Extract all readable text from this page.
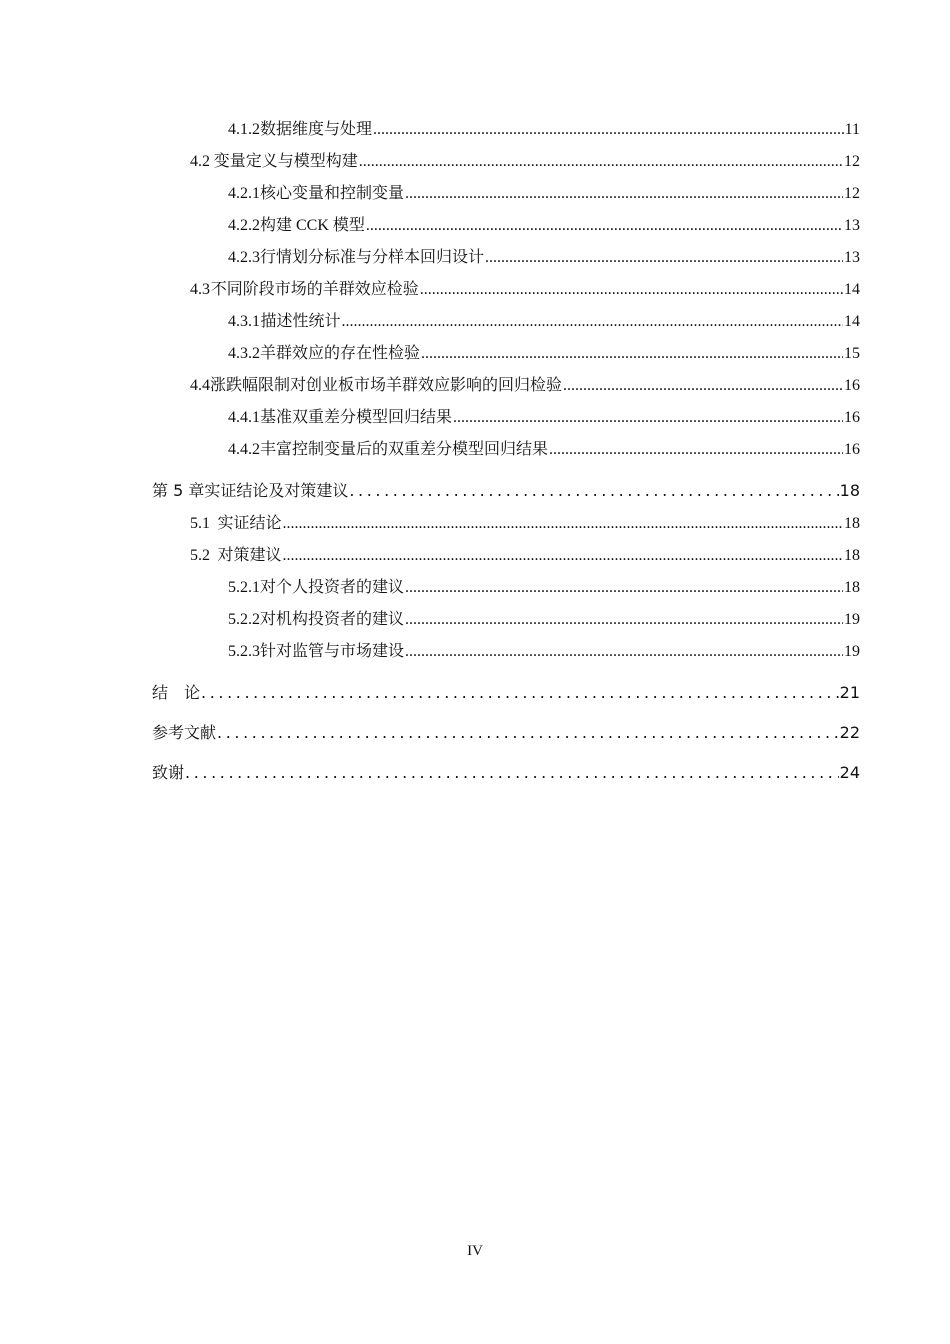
4.1.2 数据维度与处理 .....	11
4.2 变量定义与模型构建 .....	12
4.2.1 核心变量和控制变量 .....	12
4.2.2 构建 CCK 模型 .....	13
4.2.3 行情划分标准与分样本回归设计 .....	13
4.3 不同阶段市场的羊群效应检验 .....	14
4.3.1 描述性统计 .....	14
4.3.2 羊群效应的存在性检验 .....	15
4.4 涨跌幅限制对创业板市场羊群效应影响的回归检验 .....	16
4.4.1 基准双重差分模型回归结果 .....	16
4.4.2 丰富控制变量后的双重差分模型回归结果 .....	16
第 5 章 实证结论及对策建议 .....	18
5.1 实证结论 .....	18
5.2 对策建议 .....	18
5.2.1 对个人投资者的建议 .....	18
5.2.2 对机构投资者的建议 .....	19
5.2.3 针对监管与市场建设 .....	19
结　论 .....	21
参考文献 .....	22
致谢 .....	24
IV
